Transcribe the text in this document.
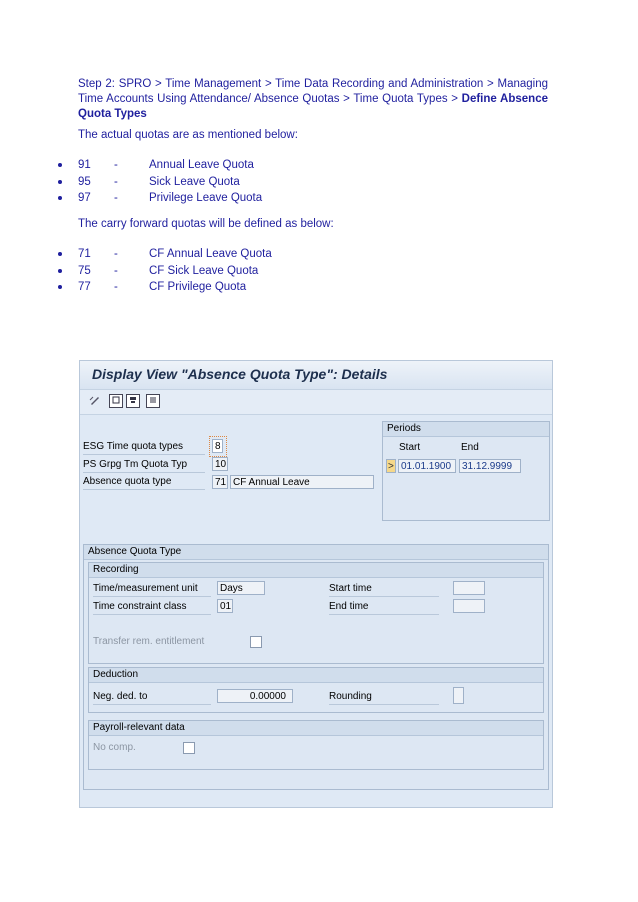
Step 2: SPRO > Time Management > Time Data Recording and Administration > Managing Time Accounts Using Attendance/ Absence Quotas > Time Quota Types > Define Absence Quota Types
The actual quotas are as mentioned below:
91 -	Annual Leave Quota
95 -	Sick Leave Quota
97 -	Privilege Leave Quota
The carry forward quotas will be defined as below:
71 -	CF Annual Leave Quota
75 -	CF Sick Leave Quota
77 -	CF Privilege Quota
Display View "Absence Quota Type": Details
ESG Time quota types	8
PS Grpg Tm Quota Typ	10
Absence quota type	71 CF Annual Leave
Periods
Start	End
> 01.01.1900	31.12.9999
Absence Quota Type
Recording
Time/measurement unit	Days
Time constraint class	01
Start time
End time
Transfer rem. entitlement
Deduction
Neg. ded. to	0.00000	Rounding
Payroll-relevant data
No comp.
